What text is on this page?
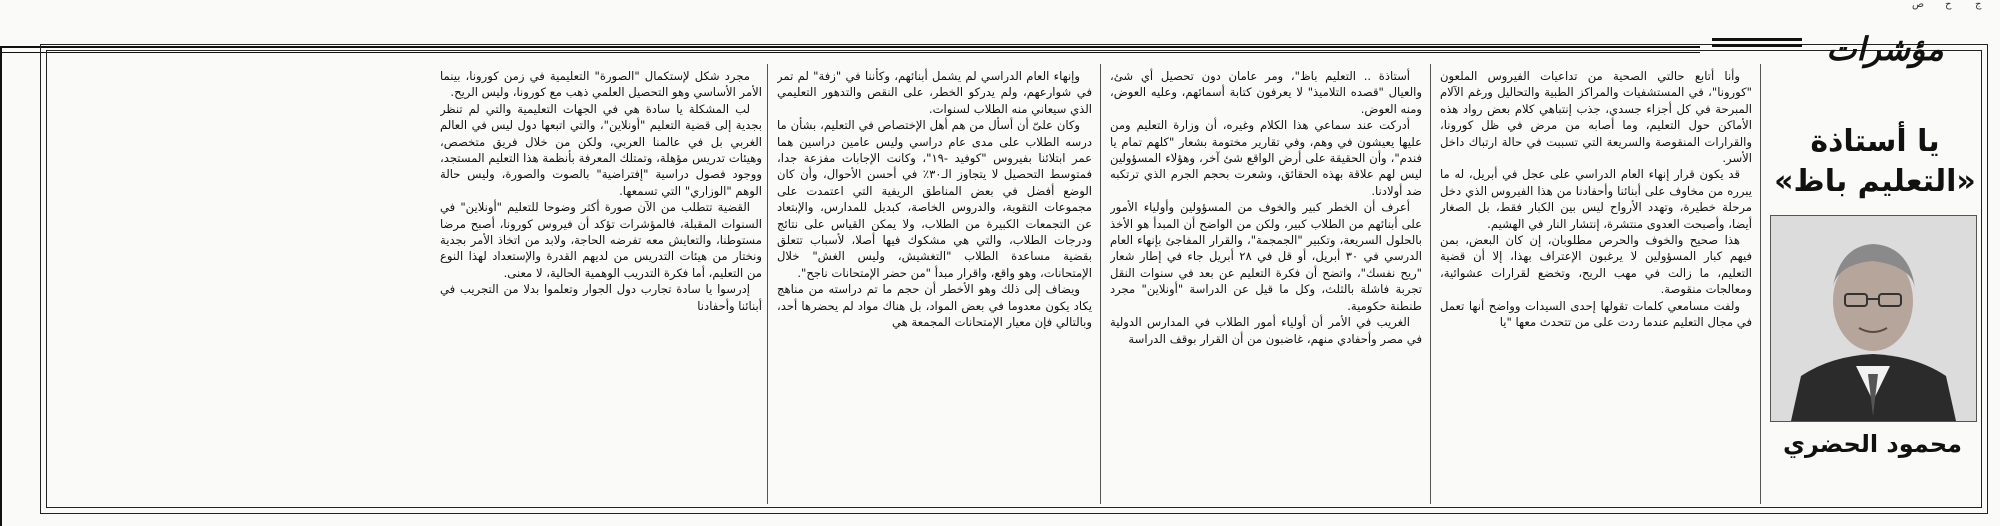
ص ح ج
مؤشرات
يا أستاذة
«التعليم باظ»
محمود الحضري

وأنا أتابع حالتي الصحية من تداعيات الفيروس الملعون "كورونا"، في المستشفيات والمراكز الطبية والتحاليل ورغم الآلام المبرحة في كل أجزاء جسدي، جذب إنتباهي كلام بعض رواد هذه الأماكن حول التعليم، وما أصابه من مرض في ظل كورونا، والقرارات المنقوصة والسريعة التي تسببت في حالة ارتباك داخل الأسر.

قد يكون قرار إنهاء العام الدراسي على عجل في أبريل، له ما يبرره من مخاوف على أبنائنا وأحفادنا من هذا الفيروس الذي دخل مرحلة خطيرة، وتهدد الأرواح ليس بين الكبار فقط، بل الصغار أيضا، وأصبحت العدوى منتشرة، إنتشار النار في الهشيم.

هذا صحيح والخوف والحرص مطلوبان، إن كان البعض، بمن فيهم كبار المسؤولين لا يرغبون الإعتراف بهذا، إلا أن قضية التعليم، ما زالت في مهب الريح، وتخضع لقرارات عشوائية، ومعالجات منقوصة.

ولفت مسامعي كلمات تقولها إحدى السيدات وواضح أنها تعمل في مجال التعليم عندما ردت على من تتحدث معها "يا

أستاذة .. التعليم باظ"، ومر عامان دون تحصيل أي شئ، والعيال "قصده التلاميذ" لا يعرفون كتابة أسمائهم، وعليه العوض، ومنه العوض.

أدركت عند سماعي هذا الكلام وغيره، أن وزارة التعليم ومن عليها يعيشون في وهم، وفي تقارير مختومة بشعار "كلهم تمام يا فندم"، وأن الحقيقة على أرض الواقع شئ آخر، وهؤلاء المسؤولين ليس لهم علاقة بهذه الحقائق، وشعرت بحجم الجرم الذي ترتكبه ضد أولادنا.

أعرف أن الخطر كبير والخوف من المسؤولين وأولياء الأمور على أبنائهم من الطلاب كبير، ولكن من الواضح أن المبدأ هو الأخذ بالحلول السريعة، وتكبير "الجمجمة"، والقرار المفاجئ بإنهاء العام الدرسي في ٣٠ أبريل، أو قل في ٢٨ أبريل جاء في إطار شعار "ريح نفسك"، واتضح أن فكرة التعليم عن بعد في سنوات النقل تجربة فاشلة بالثلث، وكل ما قيل عن الدراسة "أونلاين" مجرد طنطنة حكومية.

الغريب في الأمر أن أولياء أمور الطلاب في المدارس الدولية في مصر وأحفادي منهم، غاضبون من أن القرار بوقف الدراسة

وإنهاء العام الدراسي لم يشمل أبنائهم، وكأننا في "زفة" لم تمر في شوارعهم، ولم يدركو الخطر، على النقص والتدهور التعليمي الذي سيعاني منه الطلاب لسنوات.

وكان علىّ أن أسأل من هم أهل الإختصاص في التعليم، بشأن ما درسه الطلاب على مدى عام دراسي وليس عامين دراسين هما عمر ابتلائنا بفيروس "كوفيد -١٩"، وكانت الإجابات مفزعة جدا، فمتوسط التحصيل لا يتجاوز الـ٣٠٪ في أحسن الأحوال، وأن كان الوضع أفضل في بعض المناطق الريفية التي اعتمدت على مجموعات التقوية، والدروس الخاصة، كبديل للمدارس، والإبتعاد عن التجمعات الكبيرة من الطلاب، ولا يمكن القياس على نتائج ودرجات الطلاب، والتي هي مشكوك فيها أصلا، لأسباب تتعلق بقضية مساعدة الطلاب "التغشيش، وليس الغش" خلال الإمتحانات، وهو واقع، واقرار مبدأ "من حضر الإمتحانات ناجح".

ويضاف إلى ذلك وهو الأخطر أن حجم ما تم دراسته من مناهج يكاد يكون معدوما في بعض المواد، بل هناك مواد لم يحضرها أحد، وبالتالي فإن معيار الإمتحانات المجمعة هي

مجرد شكل لإستكمال "الصورة" التعليمية في زمن كورونا، بينما الأمر الأساسي وهو التحصيل العلمي ذهب مع كورونا، وليس الريح.

لب المشكلة يا سادة هي في الجهات التعليمية والتي لم تنظر بجدية إلى قضية التعليم "أونلاين"، والتي اتبعها دول ليس في العالم الغربي بل في عالمنا العربي، ولكن من خلال فريق متخصص، وهيئات تدريس مؤهلة، وتمتلك المعرفة بأنظمة هذا التعليم المستجد، ووجود فصول دراسية "إفتراضية" بالصوت والصورة، وليس حالة الوهم "الوزاري" التي تسمعها.

القضية تتطلب من الآن صورة أكثر وضوحا للتعليم "أونلاين" في السنوات المقبلة، فالمؤشرات تؤكد أن فيروس كورونا، أصبح مرضا مستوطنا، والتعايش معه تفرضه الحاجة، ولابد من اتخاذ الأمر بجدية ونختار من هيئات التدريس من لديهم القدرة والإستعداد لهذا النوع من التعليم، أما فكرة التدريب الوهمية الحالية، لا معنى.

إدرسوا يا سادة تجارب دول الجوار وتعلموا بدلا من التجريب في أبنائنا وأحفادنا
